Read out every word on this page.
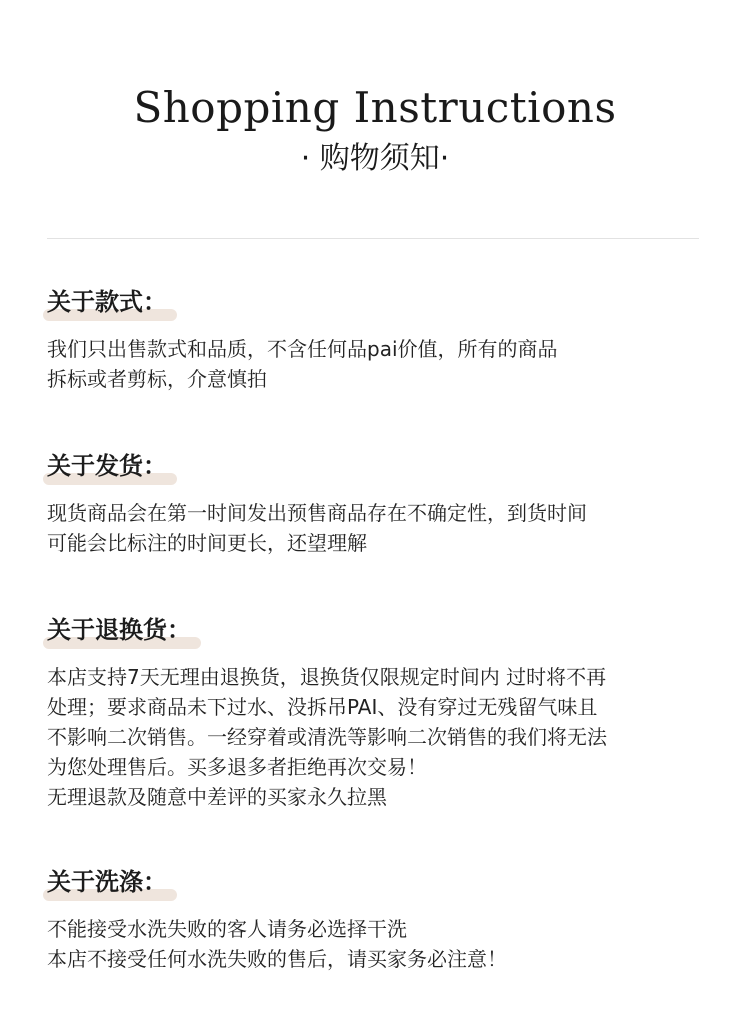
Shopping Instructions
· 购物须知·
关于款式：
我们只出售款式和品质，不含任何品pai价值，所有的商品
拆标或者剪标，介意慎拍
关于发货：
现货商品会在第一时间发出预售商品存在不确定性，到货时间
可能会比标注的时间更长，还望理解
关于退换货：
本店支持7天无理由退换货，退换货仅限规定时间内 过时将不再
处理；要求商品未下过水、没拆吊PAI、没有穿过无残留气味且
不影响二次销售。一经穿着或清洗等影响二次销售的我们将无法
为您处理售后。买多退多者拒绝再次交易！
无理退款及随意中差评的买家永久拉黑
关于洗涤：
不能接受水洗失败的客人请务必选择干洗
本店不接受任何水洗失败的售后，请买家务必注意！
